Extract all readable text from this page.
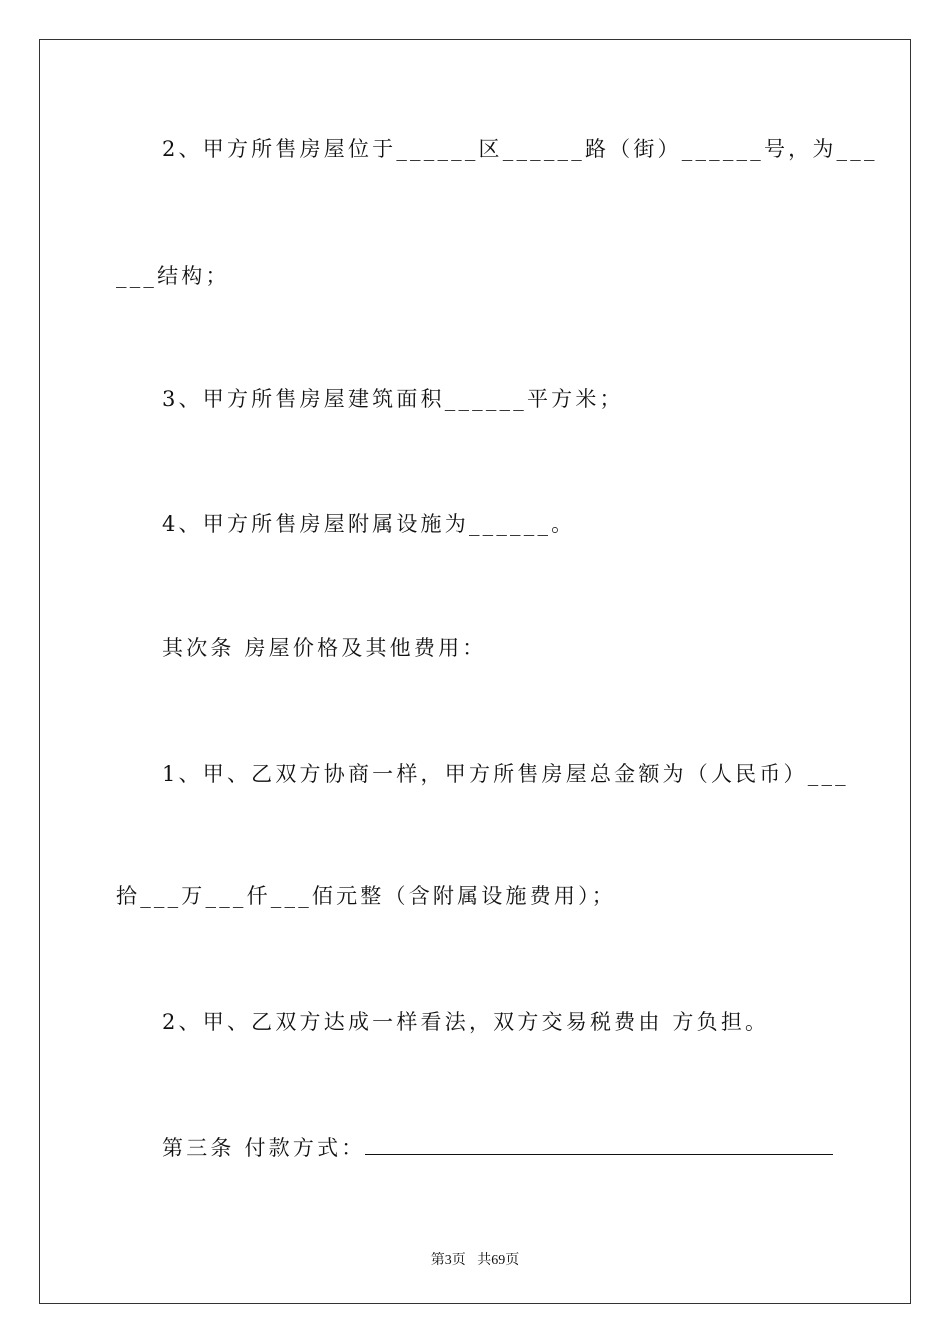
2、甲方所售房屋位于______区______路（街）______号，为___
___结构；
3、甲方所售房屋建筑面积______平方米；
4、甲方所售房屋附属设施为______。
其次条 房屋价格及其他费用：
1、甲、乙双方协商一样，甲方所售房屋总金额为（人民币）___
拾___万___仟___佰元整（含附属设施费用）；
2、甲、乙双方达成一样看法，双方交易税费由 方负担。
第三条 付款方式：
第3页 共69页
